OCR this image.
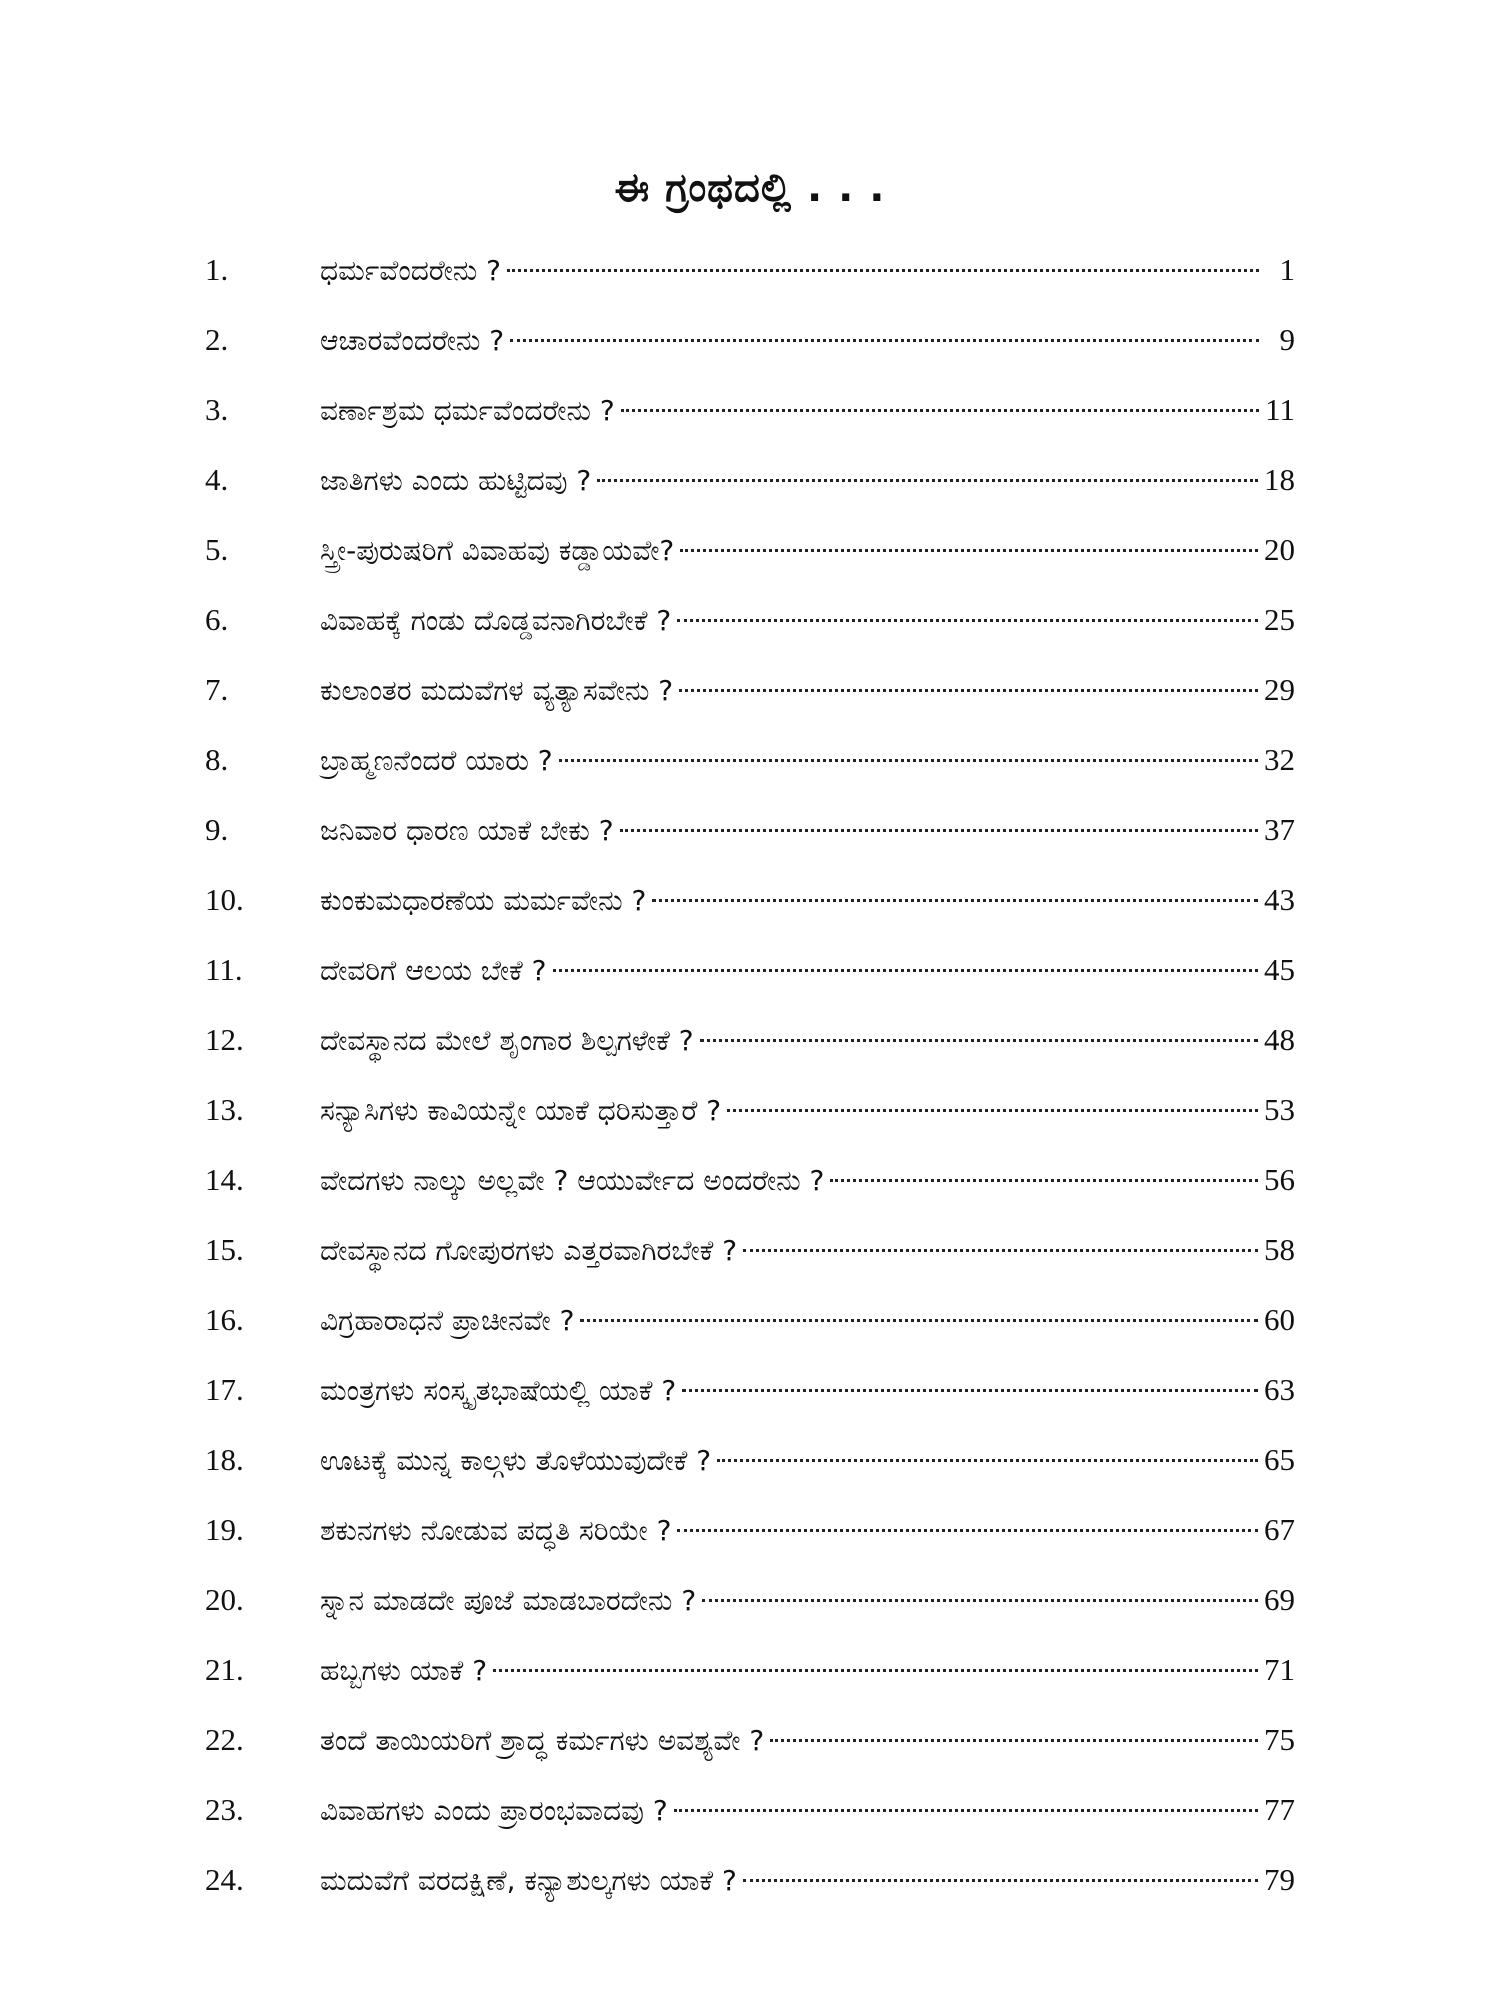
ಈ ಗ್ರಂಥದಲ್ಲಿ . . .
1.	ಧರ್ಮವೆಂದರೇನು ?	1
2.	ಆಚಾರವೆಂದರೇನು ?	9
3.	ವರ್ಣಾಶ್ರಮ ಧರ್ಮವೆಂದರೇನು ?	11
4.	ಜಾತಿಗಳು ಎಂದು ಹುಟ್ಟಿದವು ?	18
5.	ಸ್ತ್ರೀ-ಪುರುಷರಿಗೆ ವಿವಾಹವು ಕಡ್ಡಾಯವೇ?	20
6.	ವಿವಾಹಕ್ಕೆ ಗಂಡು ದೊಡ್ಡವನಾಗಿರಬೇಕೆ ?	25
7.	ಕುಲಾಂತರ ಮದುವೆಗಳ ವ್ಯತ್ಯಾಸವೇನು ?	29
8.	ಬ್ರಾಹ್ಮಣನೆಂದರೆ ಯಾರು ?	32
9.	ಜನಿವಾರ ಧಾರಣ ಯಾಕೆ ಬೇಕು ?	37
10.	ಕುಂಕುಮಧಾರಣೆಯ ಮರ್ಮವೇನು ?	43
11.	ದೇವರಿಗೆ ಆಲಯ ಬೇಕೆ ?	45
12.	ದೇವಸ್ಥಾನದ ಮೇಲೆ ಶೃಂಗಾರ ಶಿಲ್ಪಗಳೇಕೆ ?	48
13.	ಸನ್ಯಾಸಿಗಳು ಕಾವಿಯನ್ನೇ ಯಾಕೆ ಧರಿಸುತ್ತಾರೆ ?	53
14.	ವೇದಗಳು ನಾಲ್ಕು ಅಲ್ಲವೇ ? ಆಯುರ್ವೇದ ಅಂದರೇನು ?	56
15.	ದೇವಸ್ಥಾನದ ಗೋಪುರಗಳು ಎತ್ತರವಾಗಿರಬೇಕೆ ?	58
16.	ವಿಗ್ರಹಾರಾಧನೆ ಪ್ರಾಚೀನವೇ ?	60
17.	ಮಂತ್ರಗಳು ಸಂಸ್ಕೃತಭಾಷೆಯಲ್ಲಿ ಯಾಕೆ ?	63
18.	ಊಟಕ್ಕೆ ಮುನ್ನ ಕಾಲ್ಗಳು ತೊಳೆಯುವುದೇಕೆ ?	65
19.	ಶಕುನಗಳು ನೋಡುವ ಪದ್ಧತಿ ಸರಿಯೇ ?	67
20.	ಸ್ನಾನ ಮಾಡದೇ ಪೂಜೆ ಮಾಡಬಾರದೇನು ?	69
21.	ಹಬ್ಬಗಳು ಯಾಕೆ ?	71
22.	ತಂದೆ ತಾಯಿಯರಿಗೆ ಶ್ರಾದ್ಧ ಕರ್ಮಗಳು ಅವಶ್ಯವೇ ?	75
23.	ವಿವಾಹಗಳು ಎಂದು ಪ್ರಾರಂಭವಾದವು ?	77
24.	ಮದುವೆಗೆ ವರದಕ್ಷಿಣೆ, ಕನ್ಯಾಶುಲ್ಕಗಳು ಯಾಕೆ ?	79
